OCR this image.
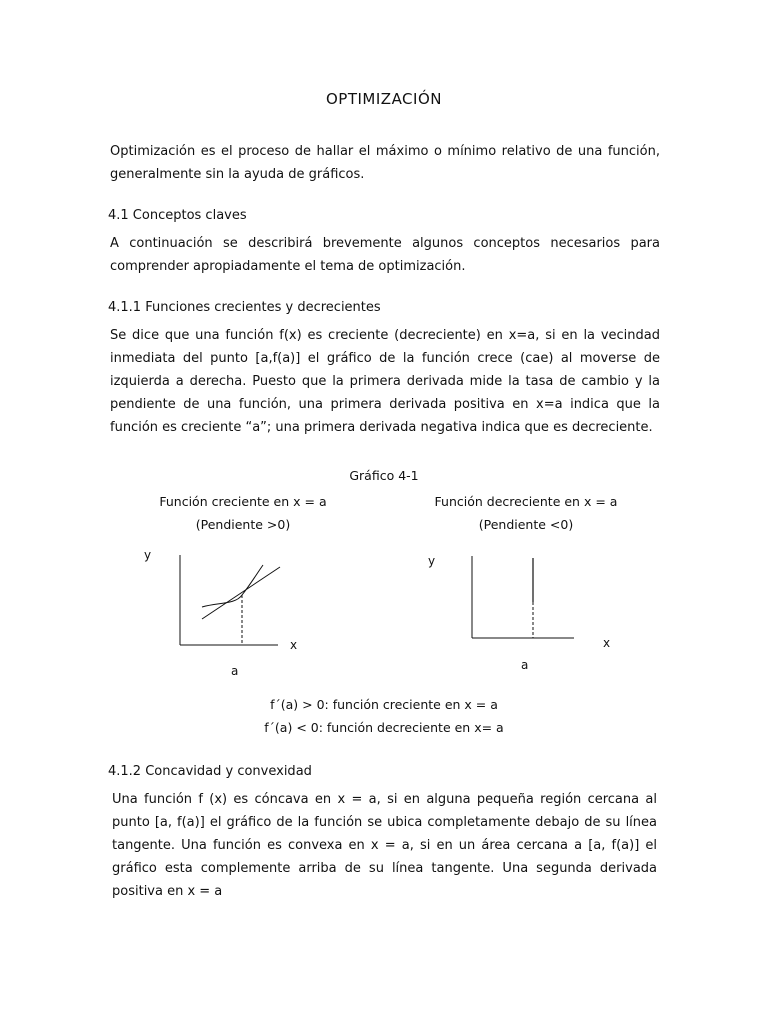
OPTIMIZACIÓN
Optimización es el proceso de hallar el máximo o mínimo relativo de una función, generalmente sin la ayuda de gráficos.
4.1 Conceptos claves
A continuación se describirá brevemente algunos conceptos necesarios para comprender apropiadamente el tema de optimización.
4.1.1 Funciones crecientes y decrecientes
Se dice que una función f(x) es creciente (decreciente) en x=a, si en la vecindad inmediata del punto [a,f(a)] el gráfico de la función crece (cae) al moverse de izquierda a derecha. Puesto que la primera derivada mide la tasa de cambio y la pendiente de una función, una primera derivada positiva en x=a indica que la función es creciente “a”; una primera derivada negativa indica que es decreciente.
Gráfico 4-1
Función creciente en x = a
(Pendiente >0)
Función decreciente en x = a
(Pendiente <0)
y
x
a
y
x
a
f´(a) > 0: función creciente en x = a
f´(a) < 0: función decreciente en x= a
4.1.2 Concavidad y convexidad
Una función f (x) es cóncava en x = a, si en alguna pequeña región cercana al punto [a, f(a)] el gráfico de la función se ubica completamente debajo de su línea tangente. Una función es convexa en x = a, si en un área cercana a [a, f(a)] el gráfico esta complemente arriba de su línea tangente. Una segunda derivada positiva en x = a
